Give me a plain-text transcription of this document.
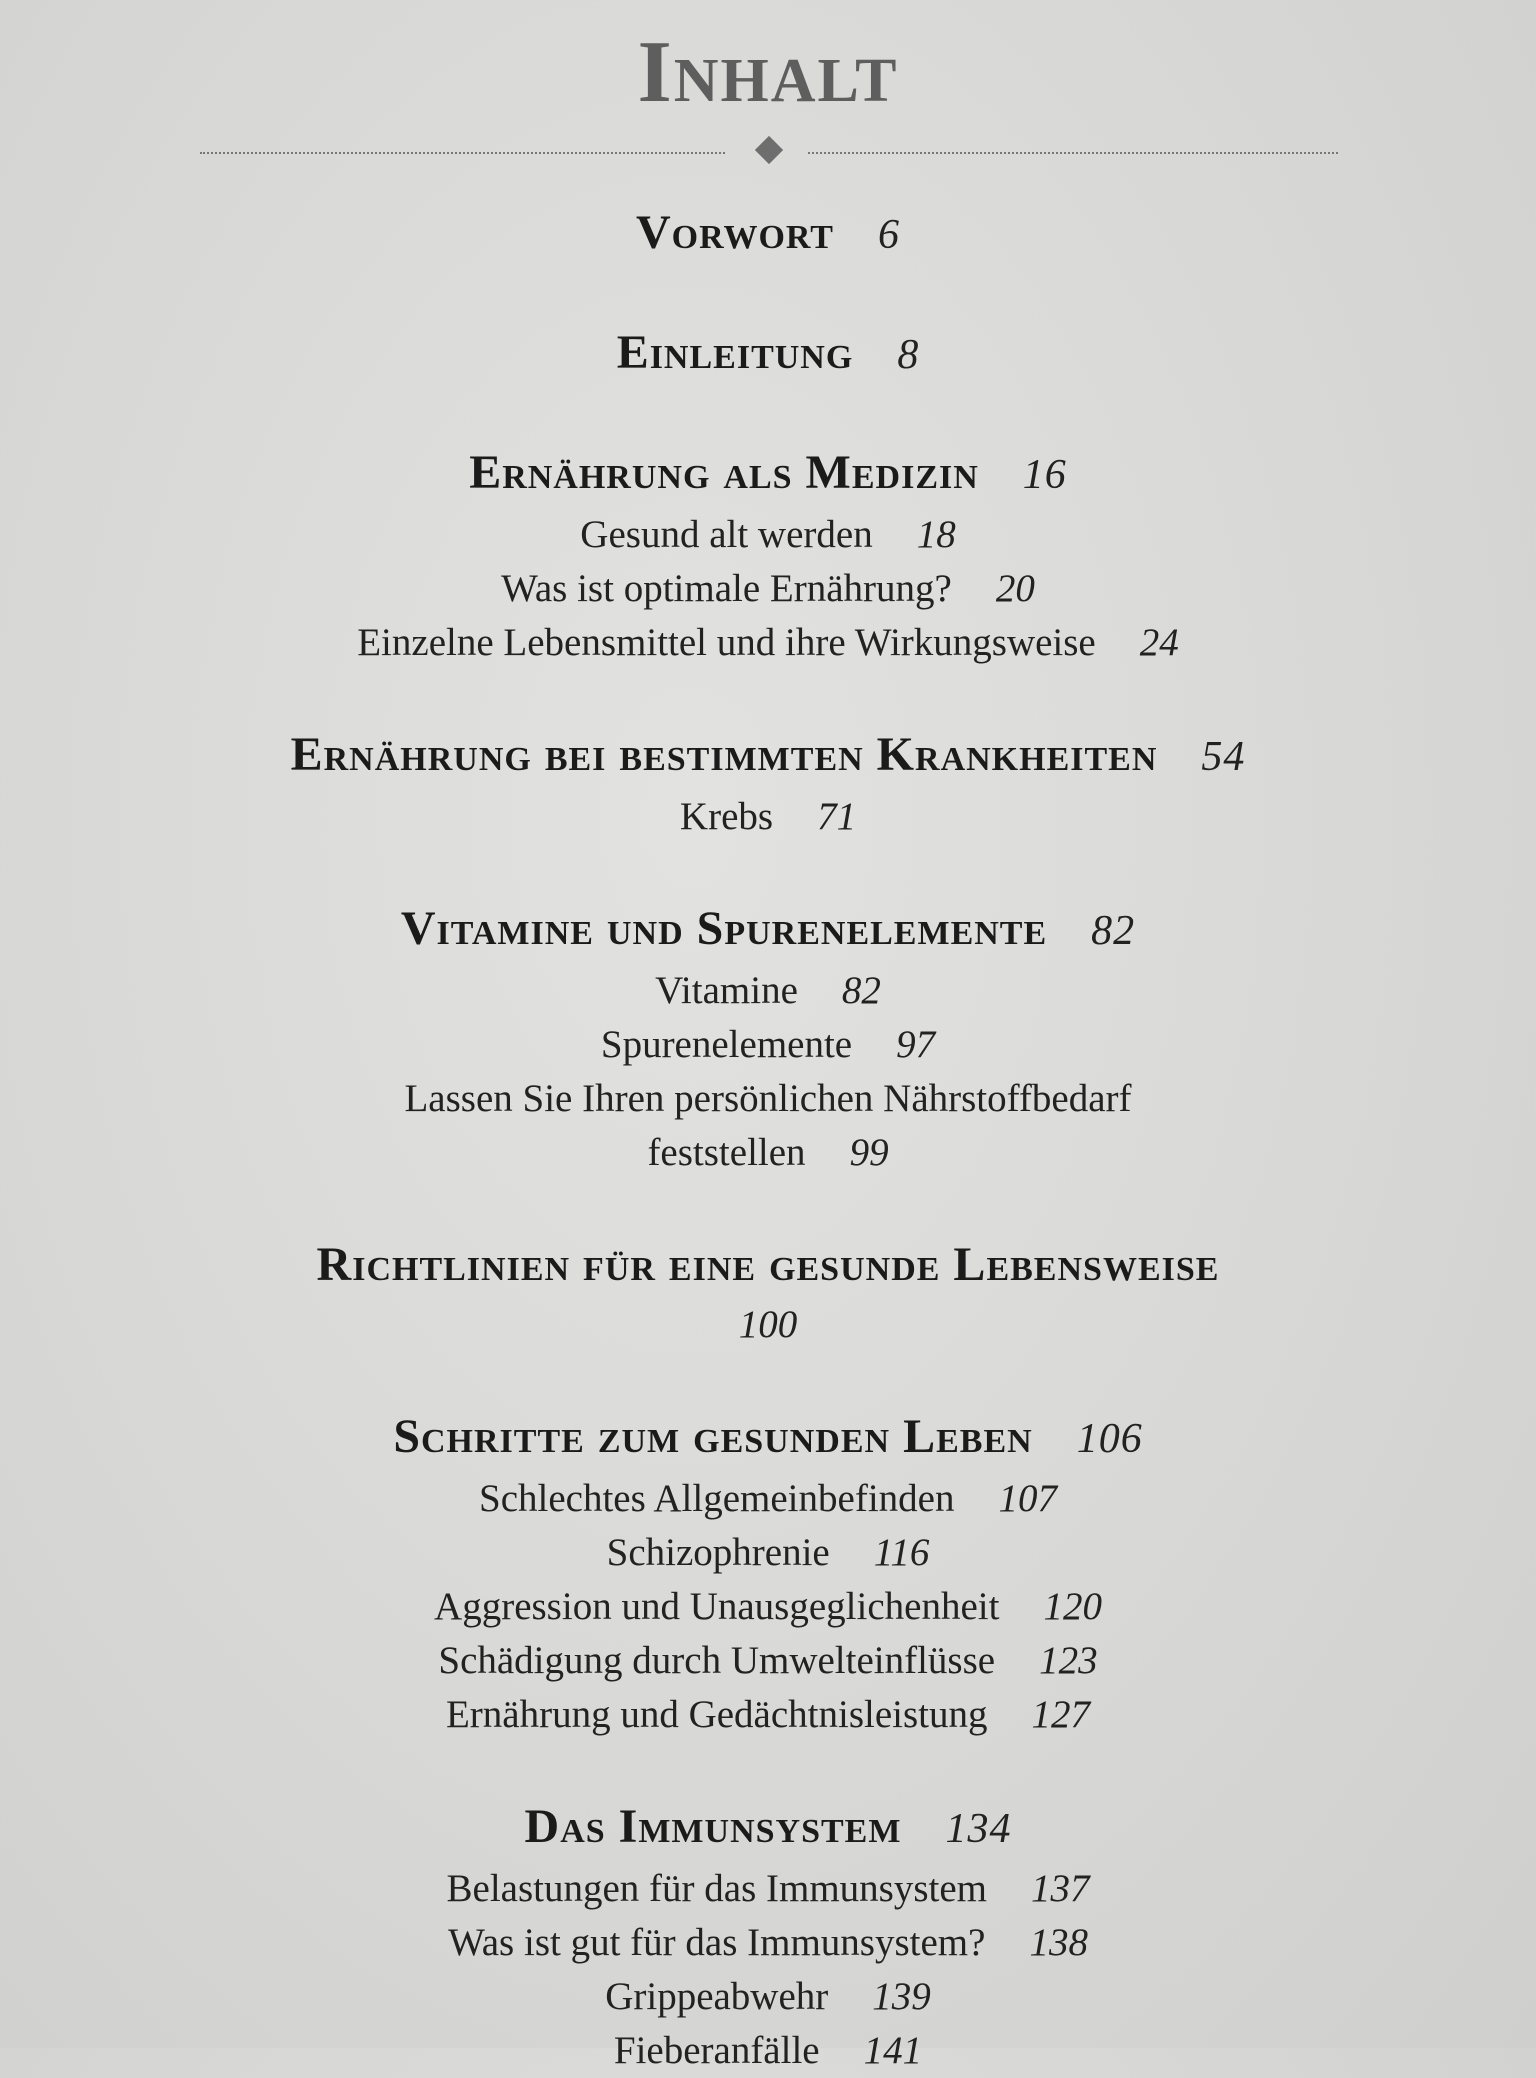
Inhalt
Vorwort 6
Einleitung 8
Ernährung als Medizin 16
Gesund alt werden 18
Was ist optimale Ernährung? 20
Einzelne Lebensmittel und ihre Wirkungsweise 24
Ernährung bei bestimmten Krankheiten 54
Krebs 71
Vitamine und Spurenelemente 82
Vitamine 82
Spurenelemente 97
Lassen Sie Ihren persönlichen Nährstoffbedarf
feststellen 99
Richtlinien für eine gesunde Lebensweise
100
Schritte zum gesunden Leben 106
Schlechtes Allgemeinbefinden 107
Schizophrenie 116
Aggression und Unausgeglichenheit 120
Schädigung durch Umwelteinflüsse 123
Ernährung und Gedächtnisleistung 127
Das Immunsystem 134
Belastungen für das Immunsystem 137
Was ist gut für das Immunsystem? 138
Grippeabwehr 139
Fieberanfälle 141
